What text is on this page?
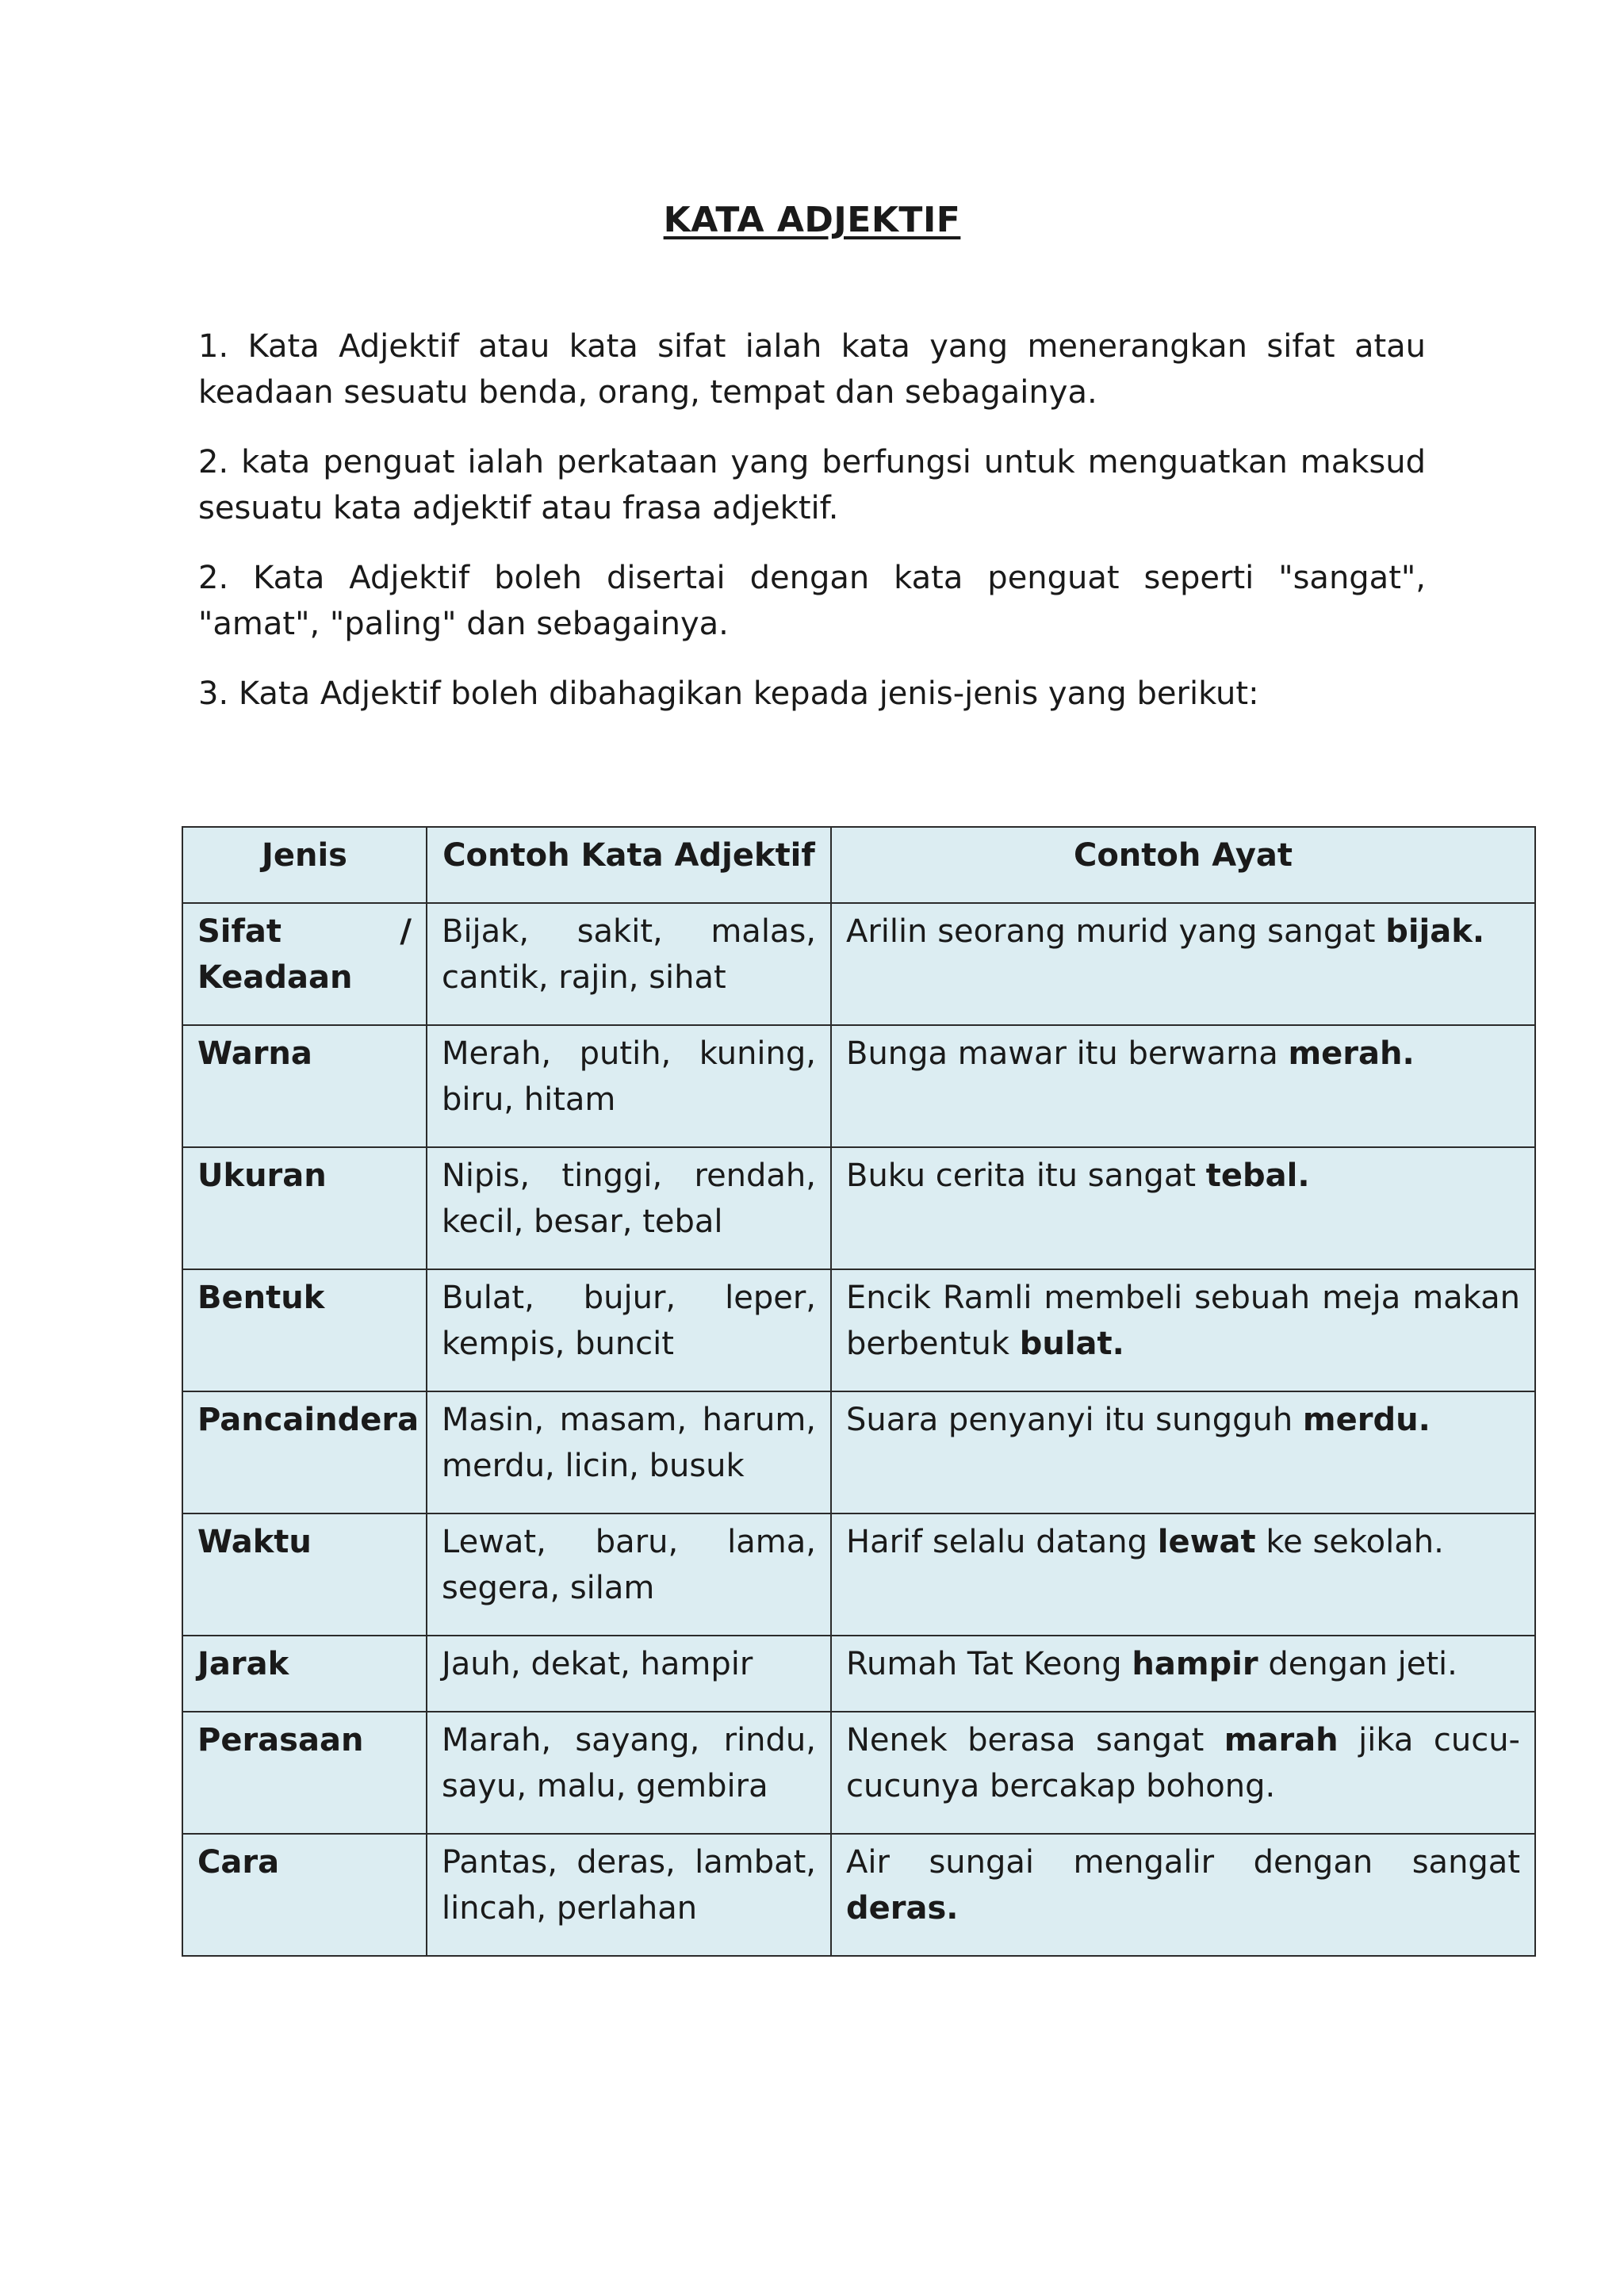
KATA ADJEKTIF

1. Kata Adjektif atau kata sifat ialah kata yang menerangkan sifat atau keadaan sesuatu benda, orang, tempat dan sebagainya.

2. kata penguat ialah perkataan yang berfungsi untuk menguatkan maksud sesuatu kata adjektif atau frasa adjektif.

2. Kata Adjektif boleh disertai dengan kata penguat seperti "sangat", "amat", "paling" dan sebagainya.

3. Kata Adjektif boleh dibahagikan kepada jenis-jenis yang berikut:

Jenis	Contoh Kata Adjektif	Contoh Ayat

Sifat /
Keadaan	Bijak, sakit, malas, cantik, rajin, sihat	Arilin seorang murid yang sangat bijak.
Warna	Merah, putih, kuning, biru, hitam	Bunga mawar itu berwarna merah.
Ukuran	Nipis, tinggi, rendah, kecil, besar, tebal	Buku cerita itu sangat tebal.
Bentuk	Bulat, bujur, leper, kempis, buncit	Encik Ramli membeli sebuah meja makan berbentuk bulat.
Pancaindera	Masin, masam, harum, merdu, licin, busuk	Suara penyanyi itu sungguh merdu.
Waktu	Lewat, baru, lama, segera, silam	Harif selalu datang lewat ke sekolah.
Jarak	Jauh, dekat, hampir	Rumah Tat Keong hampir dengan jeti.
Perasaan	Marah, sayang, rindu, sayu, malu, gembira	Nenek berasa sangat marah jika cucu-cucunya bercakap bohong.
Cara	Pantas, deras, lambat, lincah, perlahan	Air sungai mengalir dengan sangat deras.
